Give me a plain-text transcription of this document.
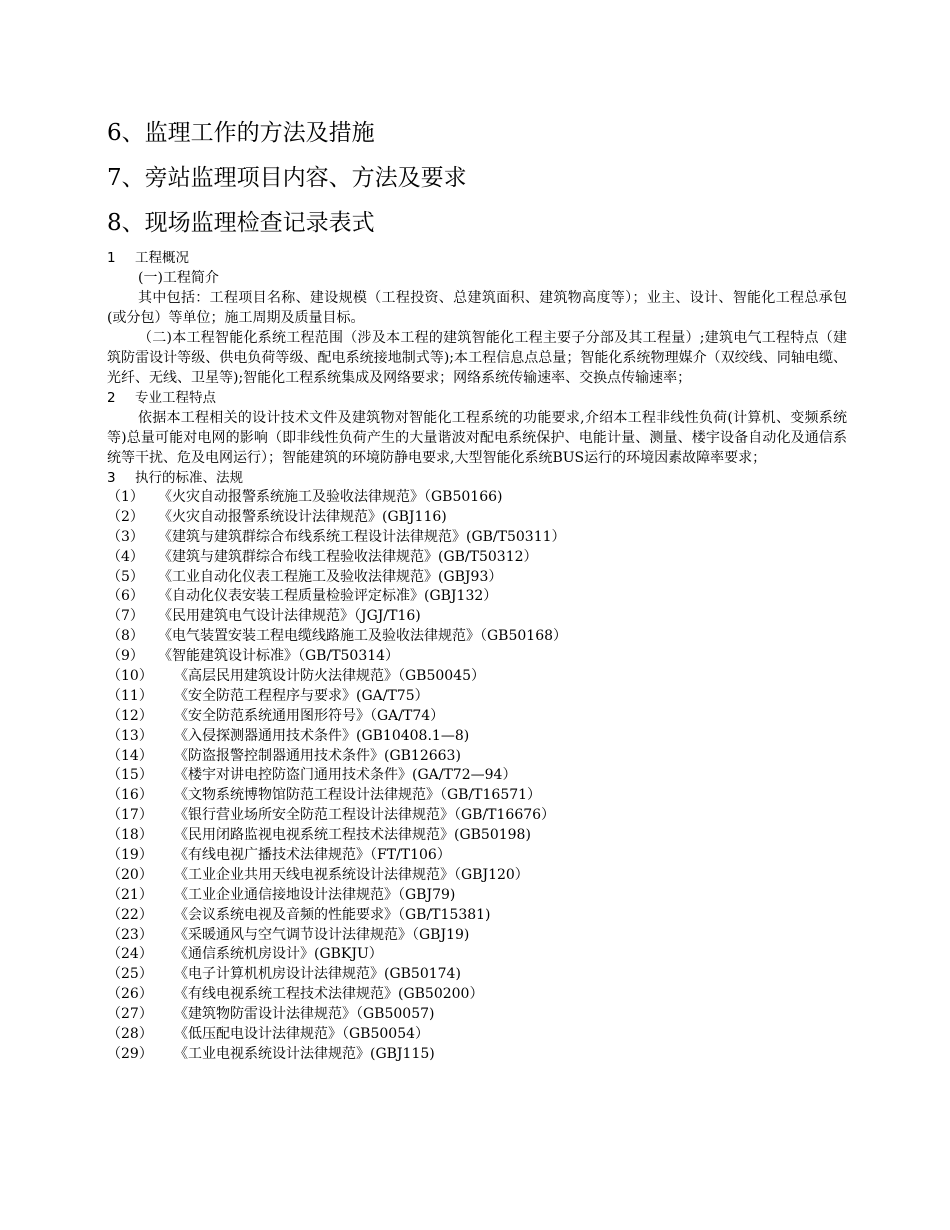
6、监理工作的方法及措施
7、旁站监理项目内容、方法及要求
8、现场监理检查记录表式
1 工程概况
(一)工程简介

其中包括：工程项目名称、建设规模（工程投资、总建筑面积、建筑物高度等）；业主、设计、智能化工程总承包(或分包）等单位；施工周期及质量目标。

（二)本工程智能化系统工程范围（涉及本工程的建筑智能化工程主要子分部及其工程量）;建筑电气工程特点（建筑防雷设计等级、供电负荷等级、配电系统接地制式等);本工程信息点总量；智能化系统物理媒介（双绞线、同轴电缆、光纤、无线、卫星等);智能化工程系统集成及网络要求；网络系统传输速率、交换点传输速率；

2 专业工程特点

依据本工程相关的设计技术文件及建筑物对智能化工程系统的功能要求,介绍本工程非线性负荷(计算机、变频系统等)总量可能对电网的影响（即非线性负荷产生的大量谐波对配电系统保护、电能计量、测量、楼宇设备自动化及通信系统等干扰、危及电网运行）；智能建筑的环境防静电要求,大型智能化系统BUS运行的环境因素故障率要求；

3 执行的标准、法规
（1） 《火灾自动报警系统施工及验收法律规范》（GB50166)
（2） 《火灾自动报警系统设计法律规范》(GBJ116)
（3） 《建筑与建筑群综合布线系统工程设计法律规范》(GB/T50311）
（4） 《建筑与建筑群综合布线工程验收法律规范》(GB/T50312）
（5） 《工业自动化仪表工程施工及验收法律规范》(GBJ93）
（6） 《自动化仪表安装工程质量检验评定标准》(GBJ132）
（7） 《民用建筑电气设计法律规范》（JGJ/T16)
（8） 《电气装置安装工程电缆线路施工及验收法律规范》（GB50168）
（9） 《智能建筑设计标准》（GB/T50314）
（10） 《高层民用建筑设计防火法律规范》（GB50045）
（11） 《安全防范工程程序与要求》(GA/T75）
（12） 《安全防范系统通用图形符号》（GA/T74）
（13） 《入侵探测器通用技术条件》(GB10408.1—8)
（14） 《防盗报警控制器通用技术条件》(GB12663)
（15） 《楼宇对讲电控防盗门通用技术条件》(GA/T72—94）
（16） 《文物系统博物馆防范工程设计法律规范》（GB/T16571）
（17） 《银行营业场所安全防范工程设计法律规范》（GB/T16676）
（18） 《民用闭路监视电视系统工程技术法律规范》(GB50198)
（19） 《有线电视广播技术法律规范》（FT/T106）
（20） 《工业企业共用天线电视系统设计法律规范》（GBJ120）
（21） 《工业企业通信接地设计法律规范》（GBJ79)
（22） 《会议系统电视及音频的性能要求》（GB/T15381)
（23） 《采暖通风与空气调节设计法律规范》（GBJ19)
（24） 《通信系统机房设计》(GBKJU）
（25） 《电子计算机机房设计法律规范》(GB50174)
（26） 《有线电视系统工程技术法律规范》(GB50200）
（27） 《建筑物防雷设计法律规范》（GB50057)
（28） 《低压配电设计法律规范》（GB50054）
（29） 《工业电视系统设计法律规范》(GBJ115)
